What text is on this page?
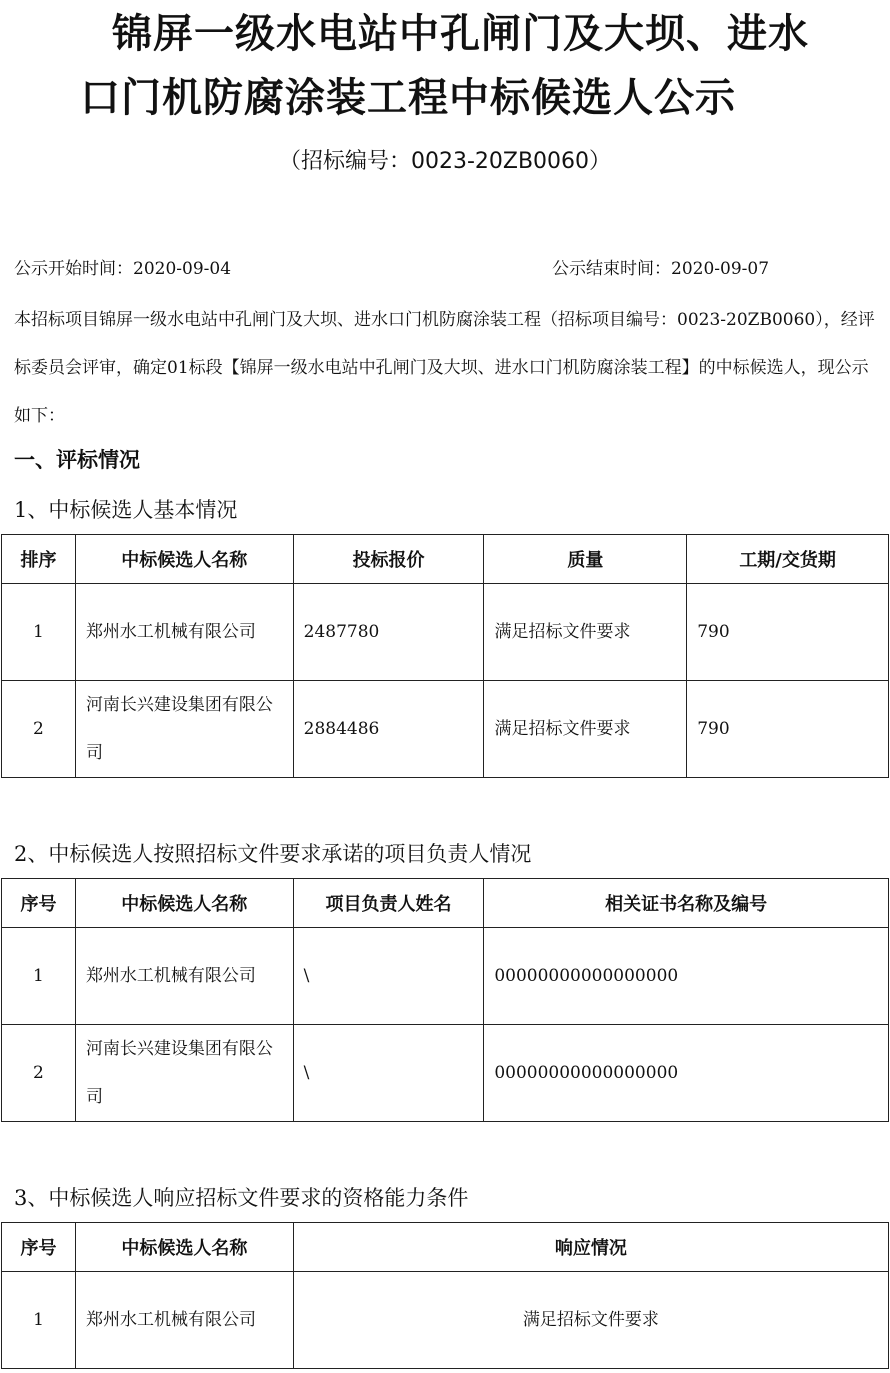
锦屏一级水电站中孔闸门及大坝、进水
口门机防腐涂装工程中标候选人公示
（招标编号：0023-20ZB0060）
公示开始时间：2020-09-04	公示结束时间：2020-09-07
本招标项目锦屏一级水电站中孔闸门及大坝、进水口门机防腐涂装工程（招标项目编号：0023-20ZB0060），经评标委员会评审，确定01标段【锦屏一级水电站中孔闸门及大坝、进水口门机防腐涂装工程】的中标候选人，现公示如下：
一、评标情况
1、中标候选人基本情况
排序	中标候选人名称	投标报价	质量	工期/交货期
1	郑州水工机械有限公司	2487780	满足招标文件要求	790
2	河南长兴建设集团有限公司	2884486	满足招标文件要求	790
2、中标候选人按照招标文件要求承诺的项目负责人情况
序号	中标候选人名称	项目负责人姓名	相关证书名称及编号
1	郑州水工机械有限公司	\	00000000000000000
2	河南长兴建设集团有限公司	\	00000000000000000
3、中标候选人响应招标文件要求的资格能力条件
序号	中标候选人名称	响应情况
1	郑州水工机械有限公司	满足招标文件要求
